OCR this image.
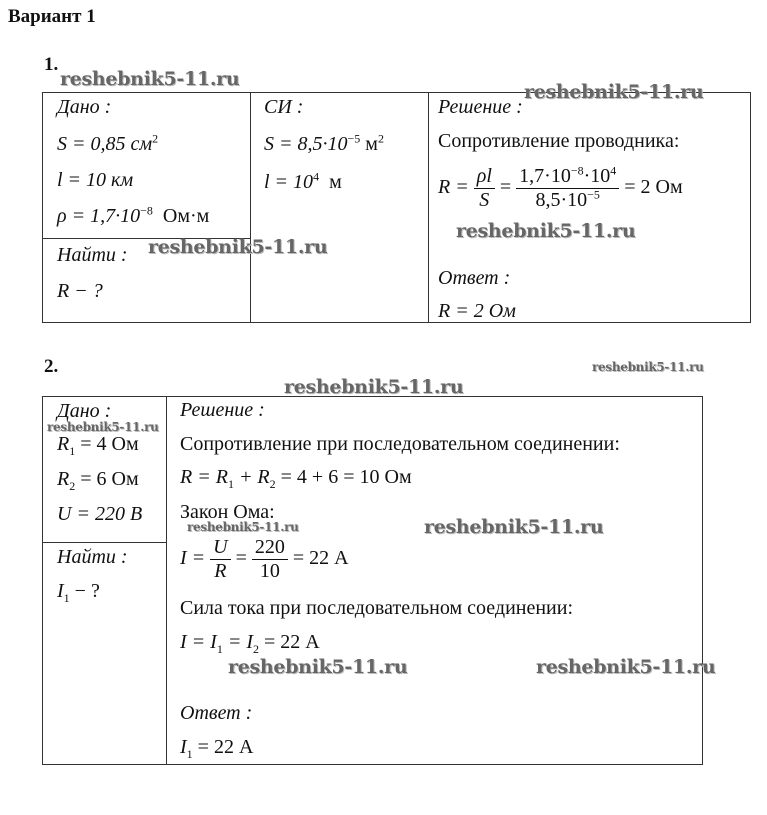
Вариант 1
1.
Дано :
S = 0,85 $см^2$
l = 10 км
$\rho = 1,7\cdot 10^{-8}$ Ом·м
СИ :
$S = 8,5\cdot 10^{-5}$ $м^2$
$l = 10^4$ м
Найти :
R − ?
Решение :
Сопротивление проводника:
$R = \frac{\rho l}{S} = \frac{1,7\cdot 10^{-8}\cdot 10^4}{8,5\cdot 10^{-5}} = 2$ Ом
Ответ :
R = 2 Ом
2.
Дано :
$R_1 = 4$ Ом
$R_2 = 6$ Ом
U = 220 В
Найти :
$I_1$ − ?
Решение :
Сопротивление при последовательном соединении:
$R = R_1 + R_2 = 4 + 6 = 10$ Ом
Закон Ома:
$I = \frac{U}{R} = \frac{220}{10} = 22$ А
Сила тока при последовательном соединении:
$I = I_1 = I_2 = 22$ А
Ответ :
$I_1 = 22$ А
reshebnik5-11.ru
reshebnik5-11.ru
reshebnik5-11.ru
reshebnik5-11.ru
reshebnik5-11.ru
reshebnik5-11.ru
reshebnik5-11.ru
reshebnik5-11.ru	reshebnik5-11.ru
reshebnik5-11.ru	reshebnik5-11.ru
